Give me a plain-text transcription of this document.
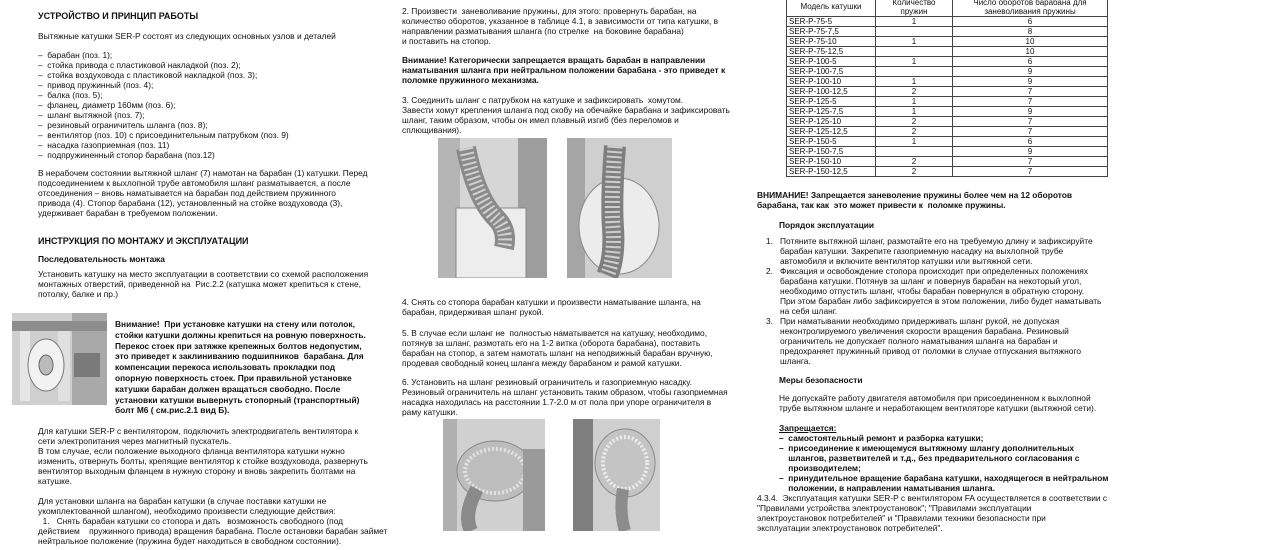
УСТРОЙСТВО И ПРИНЦИП РАБОТЫ
Вытяжные катушки SER-P состоят из следующих основных узлов и деталей
–  барабан (поз. 1);
–  стойка привода с пластиковой накладкой (поз. 2);
–  стойка воздуховода с пластиковой накладкой (поз. 3);
–  привод пружинный (поз. 4);
–  балка (поз. 5);
–  фланец, диаметр 160мм (поз. 6);
–  шланг вытяжной (поз. 7);
–  резиновый ограничитель шланга (поз. 8);
–  вентилятор (поз. 10) с присоединительным патрубком (поз. 9)
–  насадка газоприемная (поз. 11)
–  подпружиненный стопор барабана (поз.12)
В нерабочем состоянии вытяжной шланг (7) намотан на барабан (1) катушки. Перед
подсоединением к выхлопной трубе автомобиля шланг разматывается, а после
отсоединения – вновь наматывается на барабан под действием пружинного
привода (4). Стопор барабана (12), установленный на стойке воздуховода (3),
удерживает барабан в требуемом положении.
ИНСТРУКЦИЯ ПО МОНТАЖУ И ЭКСПЛУАТАЦИИ
Последовательность монтажа
Установить катушку на место эксплуатации в соответствии со схемой расположения
монтажных отверстий, приведенной на  Рис.2.2 (катушка может крепиться к стене,
потолку, балке и пр.)
Внимание!  При установке катушки на стену или потолок,
стойки катушки должны крепиться на ровную поверхность.
Перекос стоек при затяжке крепежных болтов недопустим,
это приведет к заклиниванию подшипников  барабана. Для
компенсации перекоса использовать прокладки под
опорную поверхность стоек. При правильной установке
катушки барабан должен вращаться свободно. После
установки катушки вывернуть стопорный (транспортный)
болт М6 ( см.рис.2.1 вид Б).
Для катушки SER-P с вентилятором, подключить электродвигатель вентилятора к
сети электропитания через магнитный пускатель.
В том случае, если положение выходного фланца вентилятора катушки нужно
изменить, отвернуть болты, крепящие вентилятор к стойке воздуховода, развернуть
вентилятор выходным фланцем в нужную сторону и вновь закрепить болтами на
катушке.
Для установки шланга на барабан катушки (в случае поставки катушки не
укомплектованной шлангом), необходимо произвести следующие действия:
1.   Снять барабан катушки со стопора и дать   возможность свободного (под
действием    пружинного привода) вращения барабана. После остановки барабан займет
нейтральное положение (пружина будет находиться в свободном состоянии).
2. Произвести  заневоливание пружины, для этого: провернуть барабан, на
количество оборотов, указанное в таблице 4.1, в зависимости от типа катушки, в
направлении разматывания шланга (по стрелке  на боковине барабана)
и поставить на стопор.
Внимание! Категорически запрещается вращать барабан в направлении
наматывания шланга при нейтральном положении барабана - это приведет к
поломке пружинного механизма.
3. Соединить шланг с патрубком на катушке и зафиксировать  хомутом.
Завести хомут крепления шланга под скобу на обечайке барабана и зафиксировать
шланг, таким образом, чтобы он имел плавный изгиб (без переломов и
сплющивания).
4. Снять со стопора барабан катушки и произвести наматывание шланга, на
барабан, придерживая шланг рукой.
5. В случае если шланг не  полностью наматывается на катушку, необходимо,
потянув за шланг, размотать его на 1-2 витка (оборота барабана), поставить
барабан на стопор, а затем намотать шланг на неподвижный барабан вручную,
продевая свободный конец шланга между барабаном и рамой катушки.
6. Установить на шланг резиновый ограничитель и газоприемную насадку.
Резиновый ограничитель на шланг установить таким образом, чтобы газоприемная
насадка находилась на расстоянии 1.7-2.0 м от пола при упоре ограничителя в
раму катушки.
Модель катушки	Количество пружин	Число оборотов барабана для заневоливания пружины
SER-P-75-5	1	6
SER-P-75-7,5		8
SER-P-75-10	1	10
SER-P-75-12,5		10
SER-P-100-5	1	6
SER-P-100-7,5		9
SER-P-100-10	1	9
SER-P-100-12,5	2	7
SER-P-125-5	1	7
SER-P-125-7,5	1	9
SER-P-125-10	2	7
SER-P-125-12,5	2	7
SER-P-150-5	1	6
SER-P-150-7,5		9
SER-P-150-10	2	7
SER-P-150-12,5	2	7
ВНИМАНИЕ! Запрещается заневоление пружины более чем на 12 оборотов
барабана, так как  это может привести к  поломке пружины.
Порядок эксплуатации
1. Потяните вытяжной шланг, размотайте его на требуемую длину и зафиксируйте
барабан катушки. Закрепите газоприемную насадку на выхлопной трубе
автомобиля и включите вентилятор катушки или вытяжной сети.
2. Фиксация и освобождение стопора происходит при определенных положениях
барабана катушки. Потянув за шланг и повернув барабан на некоторый угол,
необходимо отпустить шланг, чтобы барабан повернулся в обратную сторону.
При этом барабан либо зафиксируется в этом положении, либо будет наматывать
на себя шланг.
3. При наматывании необходимо придерживать шланг рукой, не допуская
неконтролируемого увеличения скорости вращения барабана. Резиновый
ограничитель не допускает полного наматывания шланга на барабан и
предохраняет пружинный привод от поломки в случае отпускания вытяжного
шланга.
Меры безопасности
Не допускайте работу двигателя автомобиля при присоединенном к выхлопной
трубе вытяжном шланге и неработающем вентиляторе катушки (вытяжной сети).
Запрещается:
–  самостоятельный ремонт и разборка катушки;
–  присоединение к имеющемуся вытяжному шлангу дополнительных
шлангов, разветвителей и т.д., без предварительного согласования с
производителем;
–  принудительное вращение барабана катушки, находящегося в нейтральном
положении, в направлении наматывания шланга.
4.3.4.  Эксплуатация катушки SER-P с вентилятором FA осуществляется в соответствии с
"Правилами устройства электроустановок"; "Правилами эксплуатации
электроустановок потребителей" и "Правилами техники безопасности при
эксплуатации электроустановок потребителей".
